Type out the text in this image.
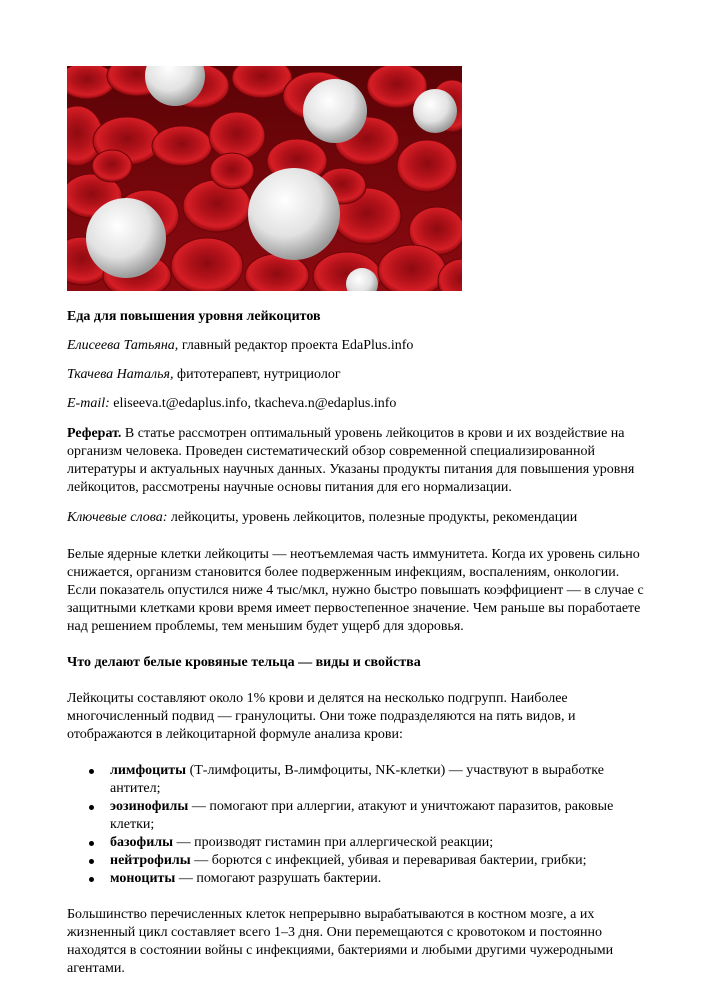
Еда для повышения уровня лейкоцитов

Елисеева Татьяна, главный редактор проекта EdaPlus.info

Ткачева Наталья, фитотерапевт, нутрициолог

E-mail: eliseeva.t@edaplus.info, tkacheva.n@edaplus.info

Реферат. В статье рассмотрен оптимальный уровень лейкоцитов в крови и их воздействие на организм человека. Проведен систематический обзор современной специализированной литературы и актуальных научных данных. Указаны продукты питания для повышения уровня лейкоцитов, рассмотрены научные основы питания для его нормализации.

Ключевые слова: лейкоциты, уровень лейкоцитов, полезные продукты, рекомендации

Белые ядерные клетки лейкоциты — неотъемлемая часть иммунитета. Когда их уровень сильно снижается, организм становится более подверженным инфекциям, воспалениям, онкологии. Если показатель опустился ниже 4 тыс/мкл, нужно быстро повышать коэффициент — в случае с защитными клетками крови время имеет первостепенное значение. Чем раньше вы поработаете над решением проблемы, тем меньшим будет ущерб для здоровья.

Что делают белые кровяные тельца — виды и свойства

Лейкоциты составляют около 1% крови и делятся на несколько подгрупп. Наиболее многочисленный подвид — гранулоциты. Они тоже подразделяются на пять видов, и отображаются в лейкоцитарной формуле анализа крови:

лимфоциты (Т-лимфоциты, В-лимфоциты, NK-клетки) — участвуют в выработке антител;
эозинофилы — помогают при аллергии, атакуют и уничтожают паразитов, раковые клетки;
базофилы — производят гистамин при аллергической реакции;
нейтрофилы — борются с инфекцией, убивая и переваривая бактерии, грибки;
моноциты — помогают разрушать бактерии.

Большинство перечисленных клеток непрерывно вырабатываются в костном мозге, а их жизненный цикл составляет всего 1–3 дня. Они перемещаются с кровотоком и постоянно находятся в состоянии войны с инфекциями, бактериями и любыми другими чужеродными агентами.
